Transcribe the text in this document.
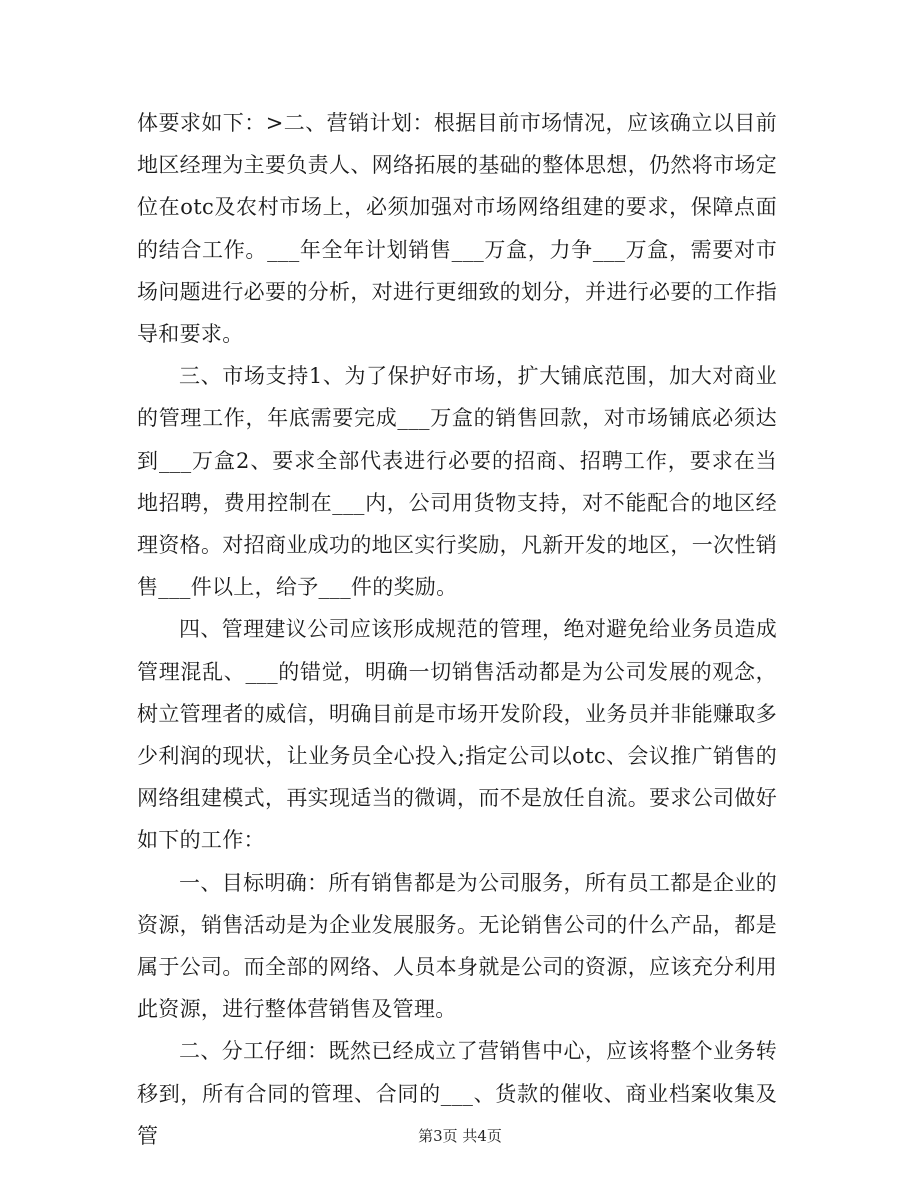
体要求如下：>二、营销计划：根据目前市场情况，应该确立以目前地区经理为主要负责人、网络拓展的基础的整体思想，仍然将市场定位在otc及农村市场上，必须加强对市场网络组建的要求，保障点面的结合工作。___年全年计划销售___万盒，力争___万盒，需要对市场问题进行必要的分析，对进行更细致的划分，并进行必要的工作指导和要求。

三、市场支持1、为了保护好市场，扩大铺底范围，加大对商业的管理工作，年底需要完成___万盒的销售回款，对市场铺底必须达到___万盒2、要求全部代表进行必要的招商、招聘工作，要求在当地招聘，费用控制在___内，公司用货物支持，对不能配合的地区经理资格。对招商业成功的地区实行奖励，凡新开发的地区，一次性销售___件以上，给予___件的奖励。

四、管理建议公司应该形成规范的管理，绝对避免给业务员造成管理混乱、___的错觉，明确一切销售活动都是为公司发展的观念，树立管理者的威信，明确目前是市场开发阶段，业务员并非能赚取多少利润的现状，让业务员全心投入;指定公司以otc、会议推广销售的网络组建模式，再实现适当的微调，而不是放任自流。要求公司做好如下的工作：

一、目标明确：所有销售都是为公司服务，所有员工都是企业的资源，销售活动是为企业发展服务。无论销售公司的什么产品，都是属于公司。而全部的网络、人员本身就是公司的资源，应该充分利用此资源，进行整体营销售及管理。

二、分工仔细：既然已经成立了营销售中心，应该将整个业务转移到，所有合同的管理、合同的___、货款的催收、商业档案收集及管	第3页 共4页
